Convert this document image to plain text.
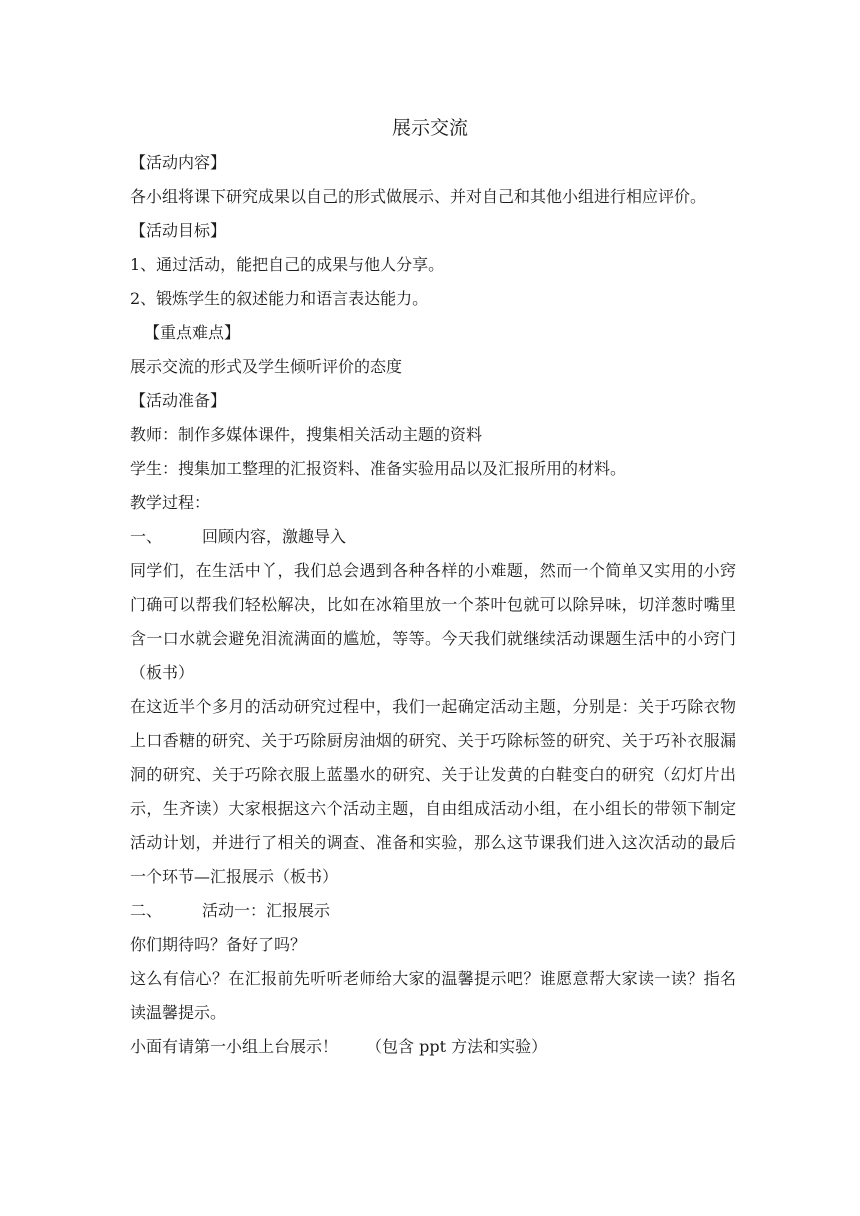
展示交流
【活动内容】
各小组将课下研究成果以自己的形式做展示、并对自己和其他小组进行相应评价。
【活动目标】
1、通过活动，能把自己的成果与他人分享。
2、锻炼学生的叙述能力和语言表达能力。
【重点难点】
展示交流的形式及学生倾听评价的态度
【活动准备】
教师：制作多媒体课件，搜集相关活动主题的资料
学生：搜集加工整理的汇报资料、准备实验用品以及汇报所用的材料。
教学过程：
一、	回顾内容，激趣导入
同学们，在生活中丫，我们总会遇到各种各样的小难题，然而一个简单又实用的小窍门确可以帮我们轻松解决，比如在冰箱里放一个茶叶包就可以除异味，切洋葱时嘴里含一口水就会避免泪流满面的尴尬，等等。今天我们就继续活动课题生活中的小窍门（板书）
在这近半个多月的活动研究过程中，我们一起确定活动主题，分别是：关于巧除衣物上口香糖的研究、关于巧除厨房油烟的研究、关于巧除标签的研究、关于巧补衣服漏洞的研究、关于巧除衣服上蓝墨水的研究、关于让发黄的白鞋变白的研究（幻灯片出示，生齐读）大家根据这六个活动主题，自由组成活动小组，在小组长的带领下制定活动计划，并进行了相关的调查、准备和实验，那么这节课我们进入这次活动的最后一个环节—汇报展示（板书）
二、	活动一：汇报展示
你们期待吗？备好了吗？
这么有信心？在汇报前先听听老师给大家的温馨提示吧？谁愿意帮大家读一读？指名读温馨提示。
小面有请第一小组上台展示！ （包含 ppt 方法和实验）
